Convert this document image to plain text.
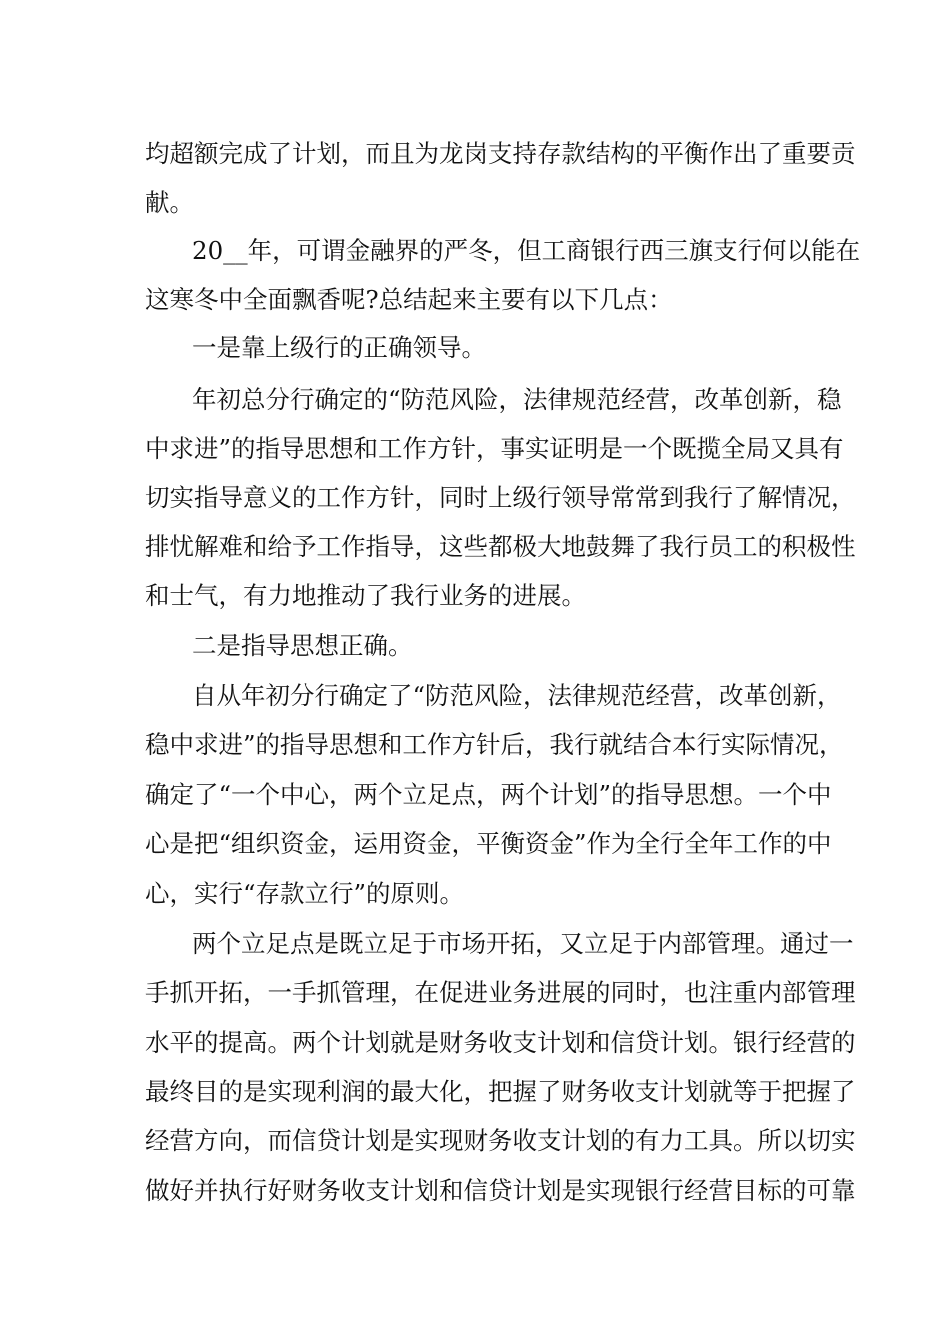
均超额完成了计划，而且为龙岗支持存款结构的平衡作出了重要贡

献。

20__年，可谓金融界的严冬，但工商银行西三旗支行何以能在

这寒冬中全面飘香呢?总结起来主要有以下几点：

一是靠上级行的正确领导。

年初总分行确定的“防范风险，法律规范经营，改革创新，稳

中求进”的指导思想和工作方针，事实证明是一个既揽全局又具有

切实指导意义的工作方针，同时上级行领导常常到我行了解情况，

排忧解难和给予工作指导，这些都极大地鼓舞了我行员工的积极性

和士气，有力地推动了我行业务的进展。

二是指导思想正确。

自从年初分行确定了“防范风险，法律规范经营，改革创新，

稳中求进”的指导思想和工作方针后，我行就结合本行实际情况，

确定了“一个中心，两个立足点，两个计划”的指导思想。一个中

心是把“组织资金，运用资金，平衡资金”作为全行全年工作的中

心，实行“存款立行”的原则。

两个立足点是既立足于市场开拓，又立足于内部管理。通过一

手抓开拓，一手抓管理，在促进业务进展的同时，也注重内部管理

水平的提高。两个计划就是财务收支计划和信贷计划。银行经营的

最终目的是实现利润的最大化，把握了财务收支计划就等于把握了

经营方向，而信贷计划是实现财务收支计划的有力工具。所以切实

做好并执行好财务收支计划和信贷计划是实现银行经营目标的可靠
